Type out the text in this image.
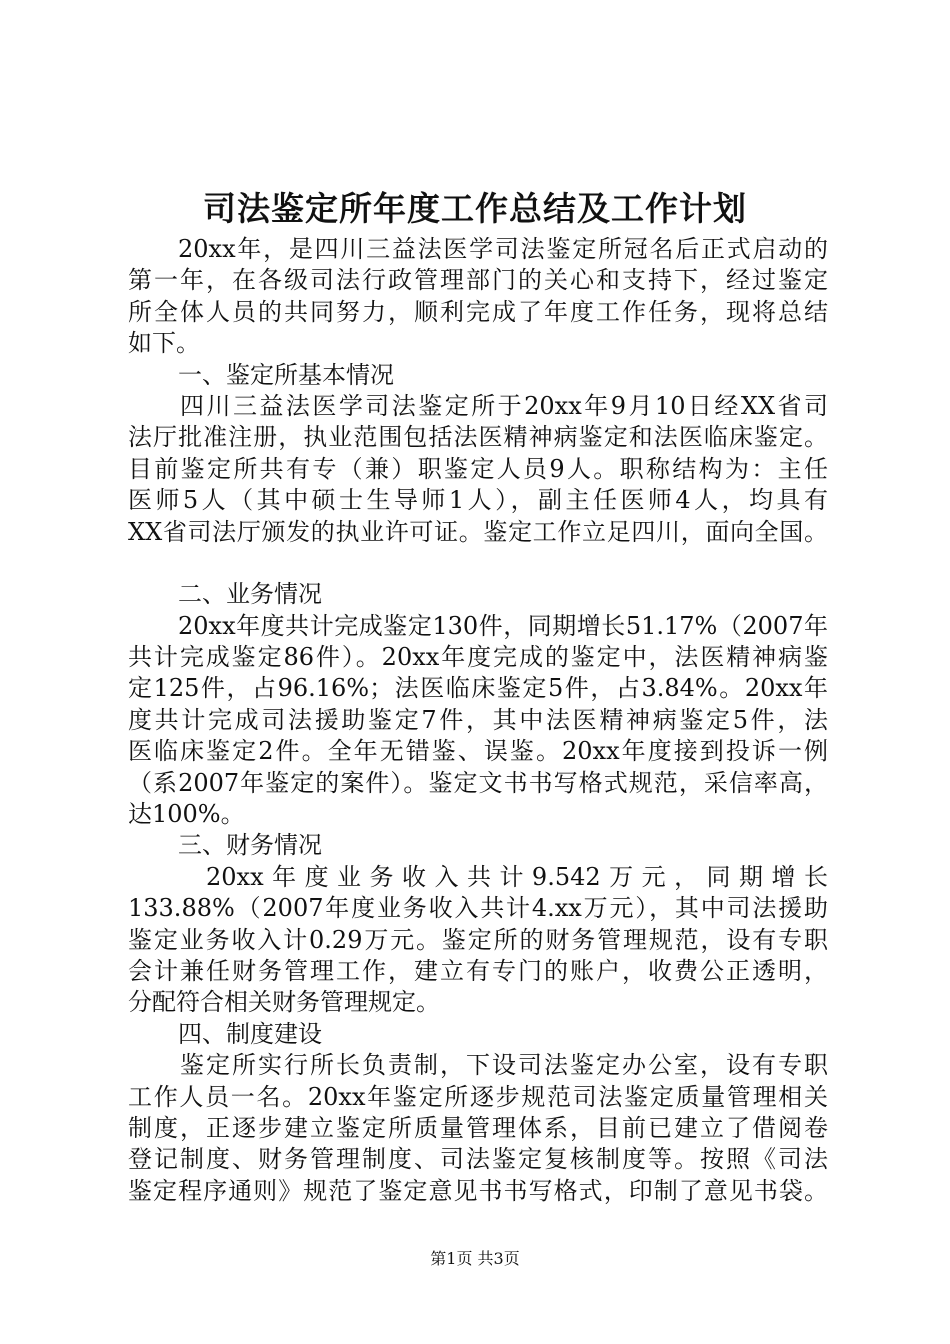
司法鉴定所年度工作总结及工作计划
20xx年，是四川三益法医学司法鉴定所冠名后正式启动的
第一年，在各级司法行政管理部门的关心和支持下，经过鉴定
所全体人员的共同努力，顺利完成了年度工作任务，现将总结
如下。
一、鉴定所基本情况
四川三益法医学司法鉴定所于20xx年9月10日经XX省司
法厅批准注册，执业范围包括法医精神病鉴定和法医临床鉴定。
目前鉴定所共有专（兼）职鉴定人员9人。职称结构为：主任
医师5人（其中硕士生导师1人），副主任医师4人，均具有
XX省司法厅颁发的执业许可证。鉴定工作立足四川，面向全国。
二、业务情况
20xx年度共计完成鉴定130件，同期增长51.17%（2007年
共计完成鉴定86件）。20xx年度完成的鉴定中，法医精神病鉴
定125件，占96.16%；法医临床鉴定5件，占3.84%。20xx年
度共计完成司法援助鉴定7件，其中法医精神病鉴定5件，法
医临床鉴定2件。全年无错鉴、误鉴。20xx年度接到投诉一例
（系2007年鉴定的案件）。鉴定文书书写格式规范，采信率高，
达100%。
三、财务情况
20xx年度业务收入共计9.542万元，同期增长
133.88%（2007年度业务收入共计4.xx万元），其中司法援助
鉴定业务收入计0.29万元。鉴定所的财务管理规范，设有专职
会计兼任财务管理工作，建立有专门的账户，收费公正透明，
分配符合相关财务管理规定。
四、制度建设
鉴定所实行所长负责制，下设司法鉴定办公室，设有专职
工作人员一名。20xx年鉴定所逐步规范司法鉴定质量管理相关
制度，正逐步建立鉴定所质量管理体系，目前已建立了借阅卷
登记制度、财务管理制度、司法鉴定复核制度等。按照《司法
鉴定程序通则》规范了鉴定意见书书写格式，印制了意见书袋。
第1页 共3页
